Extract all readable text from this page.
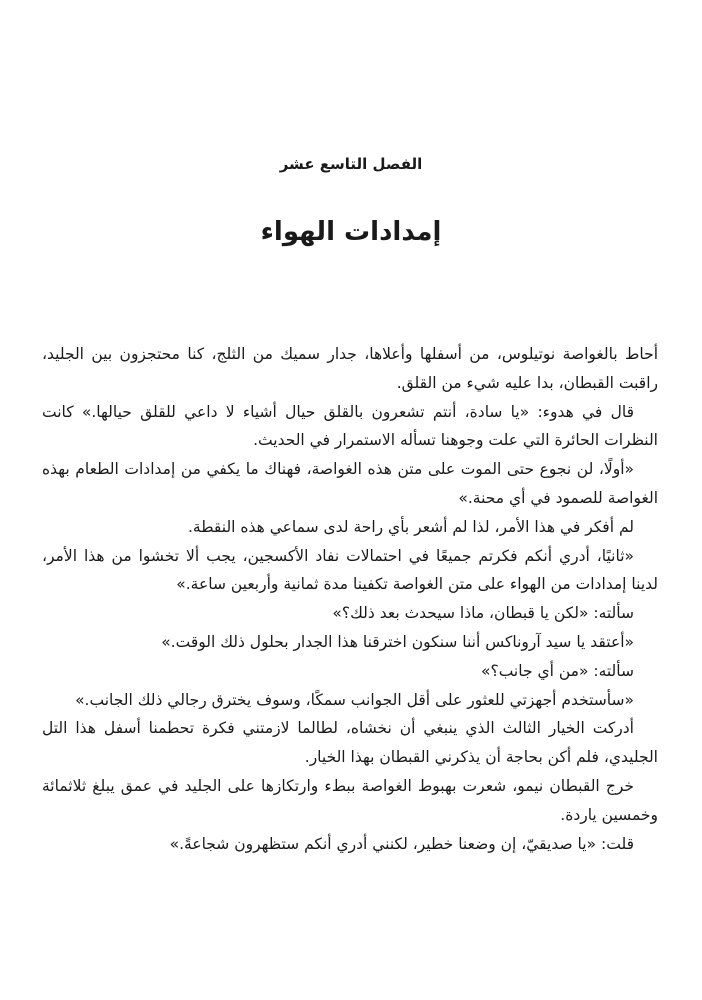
الفصل التاسع عشر
إمدادات الهواء

أحاط بالغواصة نوتيلوس، من أسفلها وأعلاها، جدار سميك من الثلج، كنا محتجزون بين الجليد، راقبت القبطان، بدا عليه شيء من القلق.

قال في هدوء: «يا سادة، أنتم تشعرون بالقلق حيال أشياء لا داعي للقلق حيالها.» كانت النظرات الحائرة التي علت وجوهنا تسأله الاستمرار في الحديث.

«أولًا، لن نجوع حتى الموت على متن هذه الغواصة، فهناك ما يكفي من إمدادات الطعام بهذه الغواصة للصمود في أي محنة.»

لم أفكر في هذا الأمر، لذا لم أشعر بأي راحة لدى سماعي هذه النقطة.

«ثانيًا، أدري أنكم فكرتم جميعًا في احتمالات نفاد الأكسجين، يجب ألا تخشوا من هذا الأمر، لدينا إمدادات من الهواء على متن الغواصة تكفينا مدة ثمانية وأربعين ساعة.»

سألته: «لكن يا قبطان، ماذا سيحدث بعد ذلك؟»

«أعتقد يا سيد آروناكس أننا سنكون اخترقنا هذا الجدار بحلول ذلك الوقت.»

سألته: «من أي جانب؟»

«سأستخدم أجهزتي للعثور على أقل الجوانب سمكًا، وسوف يخترق رجالي ذلك الجانب.»

أدركت الخيار الثالث الذي ينبغي أن نخشاه، لطالما لازمتني فكرة تحطمنا أسفل هذا التل الجليدي، فلم أكن بحاجة أن يذكرني القبطان بهذا الخيار.

خرج القبطان نيمو، شعرت بهبوط الغواصة ببطء وارتكازها على الجليد في عمق يبلغ ثلاثمائة وخمسين ياردة.

قلت: «يا صديقيّ، إن وضعنا خطير، لكنني أدري أنكم ستظهرون شجاعةً.»
